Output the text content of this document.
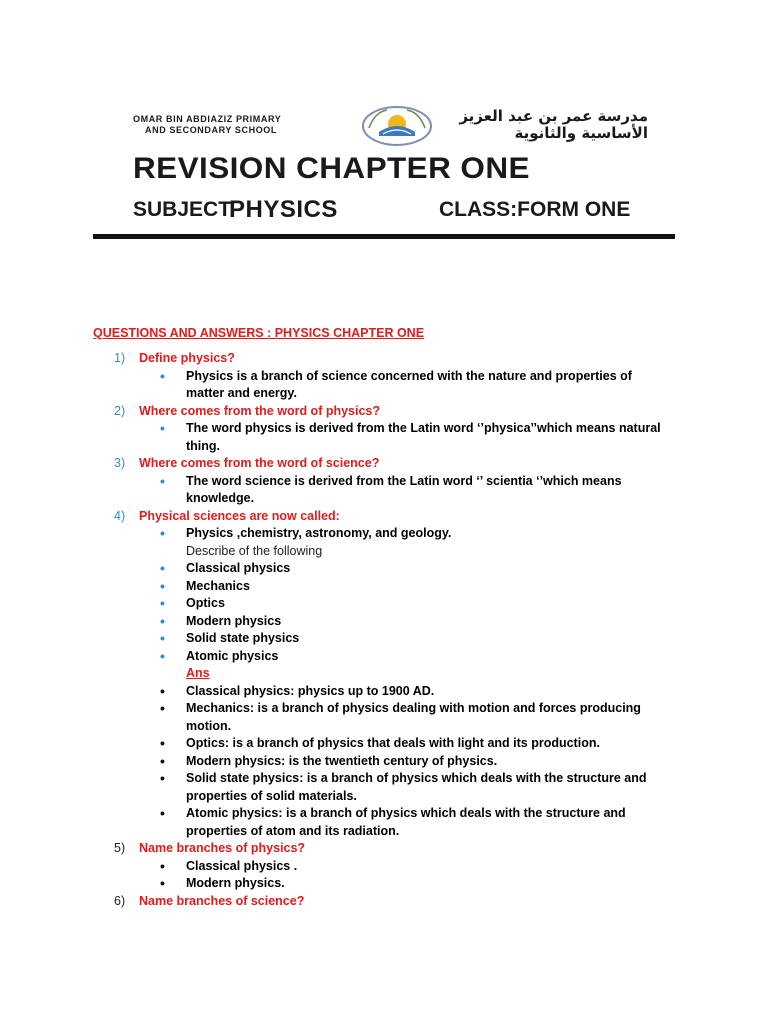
OMAR BIN ABDIAZIZ PRIMARY
AND SECONDARY SCHOOL
مدرسة عمر بن عبد العزيز
الأساسية والثانوية
REVISION CHAPTER ONE
SUBJECT:
PHYSICS	CLASS:FORM ONE
QUESTIONS AND ANSWERS : PHYSICS CHAPTER ONE
1) Define physics?
• Physics is a branch of science concerned with the nature and properties of matter and energy.
2) Where comes from the word of physics?
• The word physics is derived from the Latin word ‘’physica’’which means natural thing.
3) Where comes from the word of science?
• The word science is derived from the Latin word ‘’ scientia ‘’which means knowledge.
4) Physical sciences are now called:
• Physics ,chemistry, astronomy, and geology.
Describe of the following
• Classical physics
• Mechanics
• Optics
• Modern physics
• Solid state physics
• Atomic physics
Ans
• Classical physics: physics up to 1900 AD.
• Mechanics: is a branch of physics dealing with motion and forces producing motion.
• Optics: is a branch of physics that deals with light and its production.
• Modern physics: is the twentieth century of physics.
• Solid state physics: is a branch of physics which deals with the structure and properties of solid materials.
• Atomic physics: is a branch of physics which deals with the structure and properties of atom and its radiation.
5) Name branches of physics?
• Classical physics .
• Modern physics.
6) Name branches of science?
